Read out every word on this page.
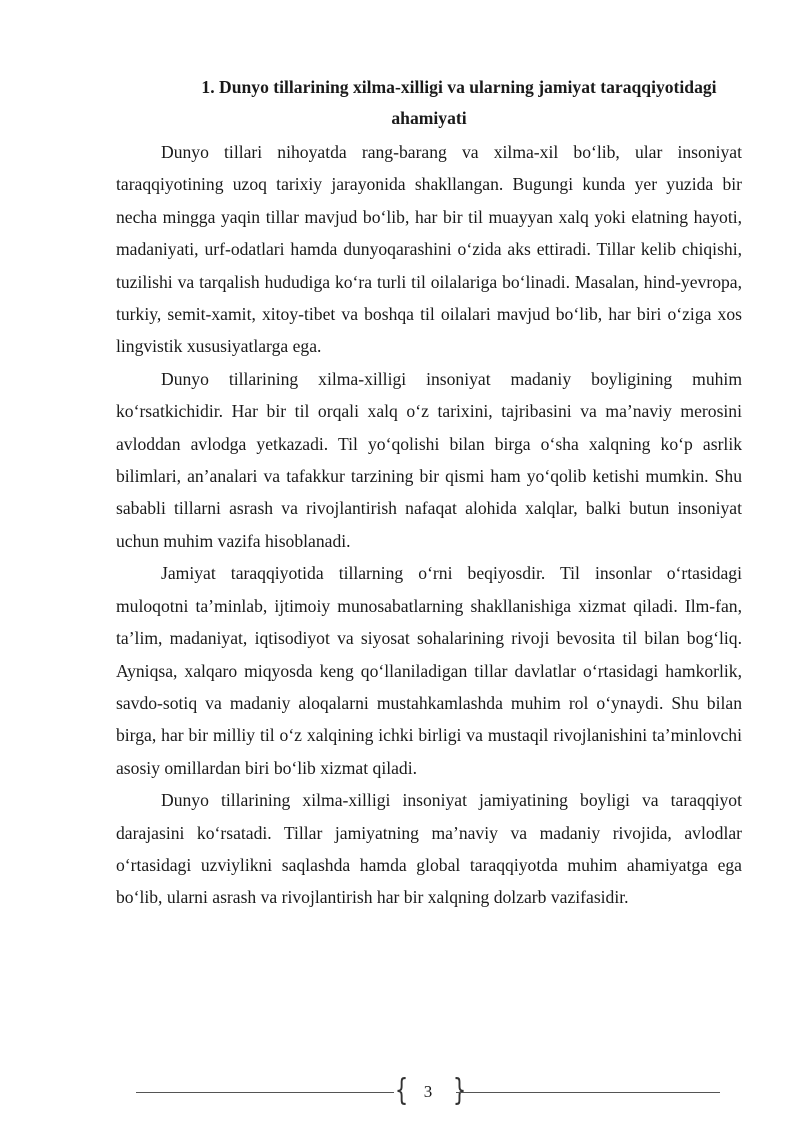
1. Dunyo tillarining xilma-xilligi va ularning jamiyat taraqqiyotidagi
ahamiyati

Dunyo tillari nihoyatda rang-barang va xilma-xil bo‘lib, ular insoniyat taraqqiyotining uzoq tarixiy jarayonida shakllangan. Bugungi kunda yer yuzida bir necha mingga yaqin tillar mavjud bo‘lib, har bir til muayyan xalq yoki elatning hayoti, madaniyati, urf-odatlari hamda dunyoqarashini o‘zida aks ettiradi. Tillar kelib chiqishi, tuzilishi va tarqalish hududiga ko‘ra turli til oilalariga bo‘linadi. Masalan, hind-yevropa, turkiy, semit-xamit, xitoy-tibet va boshqa til oilalari mavjud bo‘lib, har biri o‘ziga xos lingvistik xususiyatlarga ega.

Dunyo tillarining xilma-xilligi insoniyat madaniy boyligining muhim ko‘rsatkichidir. Har bir til orqali xalq o‘z tarixini, tajribasini va ma’naviy merosini avloddan avlodga yetkazadi. Til yo‘qolishi bilan birga o‘sha xalqning ko‘p asrlik bilimlari, an’analari va tafakkur tarzining bir qismi ham yo‘qolib ketishi mumkin. Shu sababli tillarni asrash va rivojlantirish nafaqat alohida xalqlar, balki butun insoniyat uchun muhim vazifa hisoblanadi.

Jamiyat taraqqiyotida tillarning o‘rni beqiyosdir. Til insonlar o‘rtasidagi muloqotni ta’minlab, ijtimoiy munosabatlarning shakllanishiga xizmat qiladi. Ilm-fan, ta’lim, madaniyat, iqtisodiyot va siyosat sohalarining rivoji bevosita til bilan bog‘liq. Ayniqsa, xalqaro miqyosda keng qo‘llaniladigan tillar davlatlar o‘rtasidagi hamkorlik, savdo-sotiq va madaniy aloqalarni mustahkamlashda muhim rol o‘ynaydi. Shu bilan birga, har bir milliy til o‘z xalqining ichki birligi va mustaqil rivojlanishini ta’minlovchi asosiy omillardan biri bo‘lib xizmat qiladi.

Dunyo tillarining xilma-xilligi insoniyat jamiyatining boyligi va taraqqiyot darajasini ko‘rsatadi. Tillar jamiyatning ma’naviy va madaniy rivojida, avlodlar o‘rtasidagi uzviylikni saqlashda hamda global taraqqiyotda muhim ahamiyatga ega bo‘lib, ularni asrash va rivojlantirish har bir xalqning dolzarb vazifasidir.

{ 3 }
